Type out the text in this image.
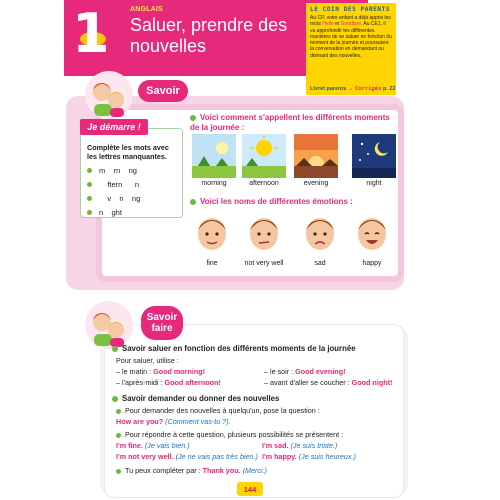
1	ANGLAIS
Saluer, prendre des nouvelles
LE COIN DES PARENTS
Au CP, votre enfant a déjà appris les mots Hello et Goodbye. Au CE1, il va approfondir les différentes manières de se saluer en fonction du moment de la journée et poursuivre la conversation en demandant ou donnant des nouvelles.
Livret parents → Corrigés p. 22
Savoir
Complète les mots avec les lettres manquantes.
m    rn    ng
ftern      n
v    n    ng
n    ght
Je démarre !
Voici comment s'appellent les différents moments de la journée :
morning	afternoon	evening	night
Voici les noms de différentes émotions :
fine	not very well	sad	happy
Savoir faire
Savoir saluer en fonction des différents moments de la journée
Pour saluer, utilise :
– le matin : Good morning!	– le soir : Good evening!
– l'après-midi : Good afternoon!	– avant d'aller se coucher : Good night!
Savoir demander ou donner des nouvelles
Pour demander des nouvelles à quelqu'un, pose la question :
How are you? (Comment vas-tu ?).
Pour répondre à cette question, plusieurs possibilités se présentent :
I'm fine. (Je vais bien.)	I'm sad. (Je suis triste.)
I'm not very well. (Je ne vais pas très bien.) I'm happy. (Je suis heureux.)
Tu peux compléter par : Thank you. (Merci.)
144
